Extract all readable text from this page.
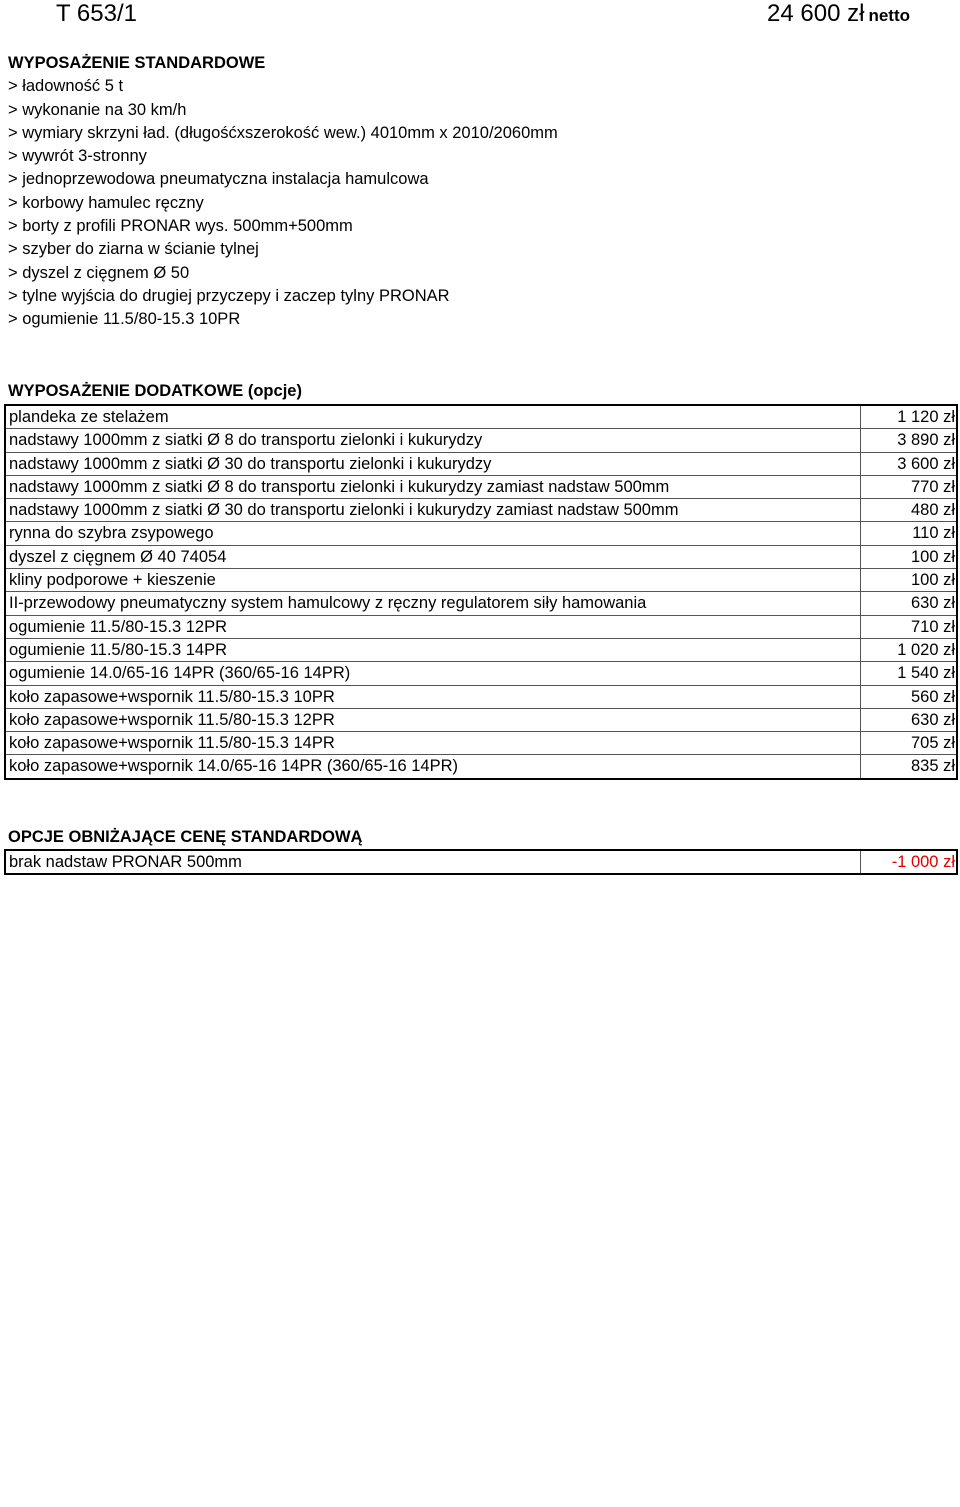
T 653/1	24 600 zł netto
WYPOSAŻENIE STANDARDOWE
> ładowność 5 t
> wykonanie na 30 km/h
> wymiary skrzyni ład. (długośćxszerokość wew.) 4010mm x 2010/2060mm
> wywrót 3-stronny
> jednoprzewodowa pneumatyczna instalacja hamulcowa
> korbowy hamulec ręczny
> borty z profili PRONAR wys. 500mm+500mm
> szyber do ziarna w ścianie tylnej
> dyszel z cięgnem Ø 50
> tylne wyjścia do drugiej przyczepy i zaczep tylny PRONAR
> ogumienie 11.5/80-15.3 10PR
WYPOSAŻENIE DODATKOWE (opcje)
plandeka ze stelażem	1 120 zł
nadstawy 1000mm z siatki Ø 8 do transportu zielonki i kukurydzy	3 890 zł
nadstawy 1000mm z siatki Ø 30 do transportu zielonki i kukurydzy	3 600 zł
nadstawy 1000mm z siatki Ø 8 do transportu zielonki i kukurydzy zamiast nadstaw 500mm	770 zł
nadstawy 1000mm z siatki Ø 30 do transportu zielonki i kukurydzy zamiast nadstaw 500mm	480 zł
rynna do szybra zsypowego	110 zł
dyszel z cięgnem Ø 40 74054	100 zł
kliny podporowe + kieszenie	100 zł
II-przewodowy pneumatyczny system hamulcowy z ręczny regulatorem siły hamowania	630 zł
ogumienie 11.5/80-15.3 12PR	710 zł
ogumienie 11.5/80-15.3 14PR	1 020 zł
ogumienie 14.0/65-16 14PR (360/65-16 14PR)	1 540 zł
koło zapasowe+wspornik 11.5/80-15.3 10PR	560 zł
koło zapasowe+wspornik 11.5/80-15.3 12PR	630 zł
koło zapasowe+wspornik 11.5/80-15.3 14PR	705 zł
koło zapasowe+wspornik 14.0/65-16 14PR (360/65-16 14PR)	835 zł
OPCJE OBNIŻAJĄCE CENĘ STANDARDOWĄ
brak nadstaw PRONAR 500mm	-1 000 zł
